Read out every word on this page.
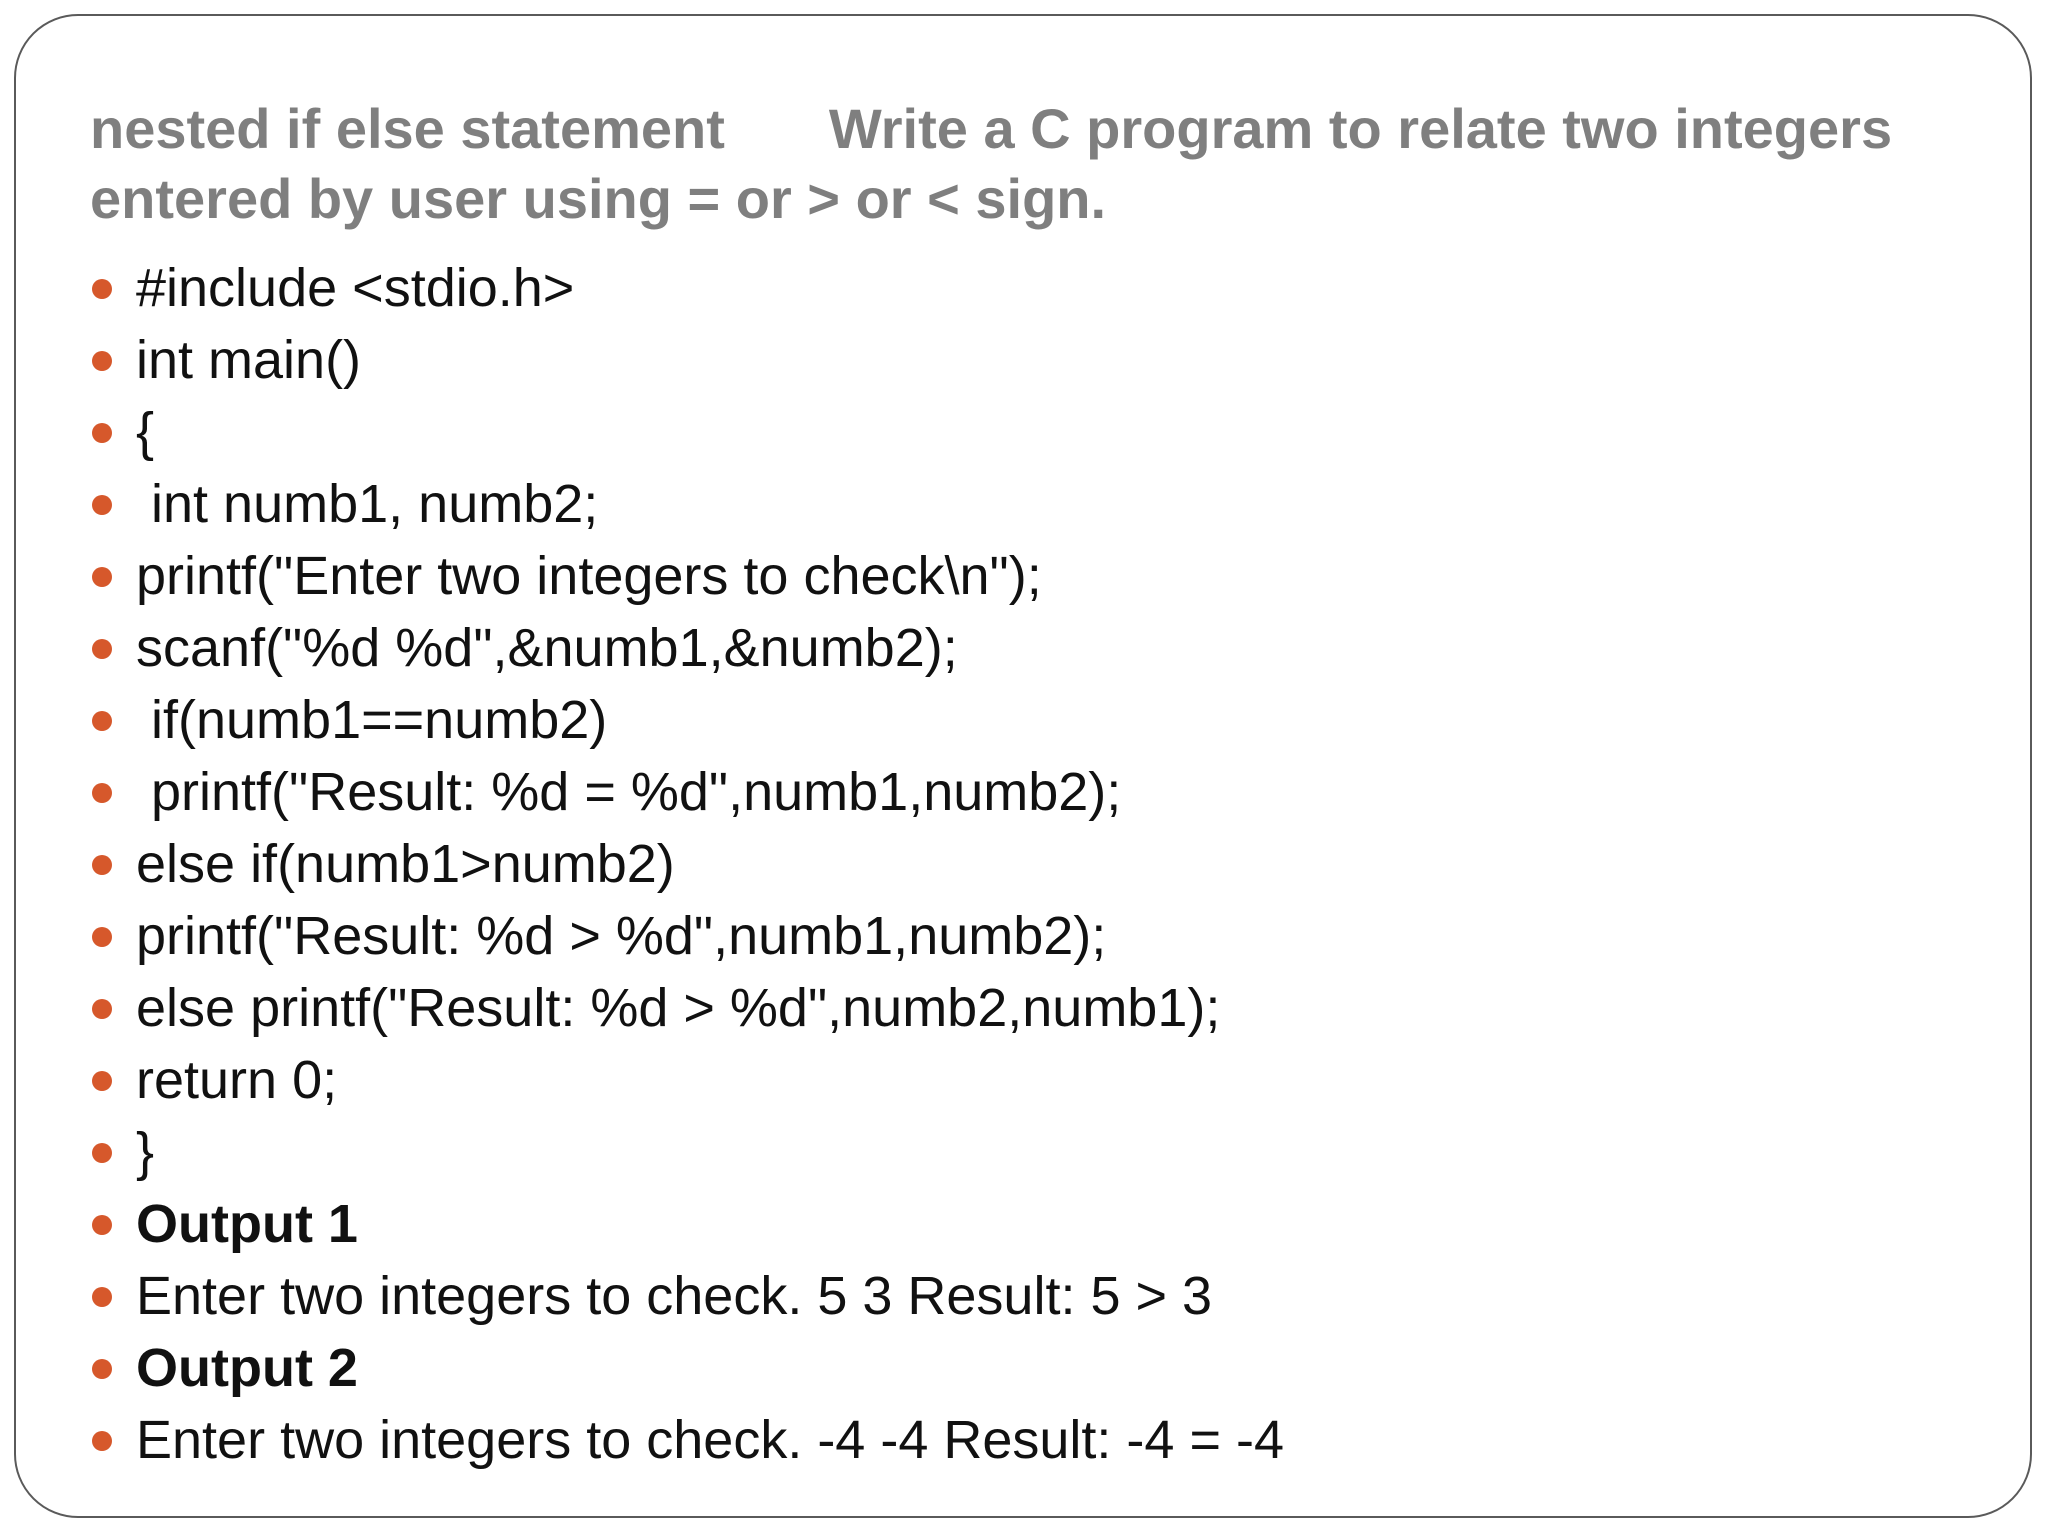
nested if else statement Write a C program to relate two integers entered by user using = or > or < sign.

#include <stdio.h>
int main()
{
int numb1, numb2;
printf("Enter two integers to check\n");
scanf("%d %d",&numb1,&numb2);
if(numb1==numb2)
printf("Result: %d = %d",numb1,numb2);
else if(numb1>numb2)
printf("Result: %d > %d",numb1,numb2);
else printf("Result: %d > %d",numb2,numb1);
return 0;
}
Output 1
Enter two integers to check. 5 3 Result: 5 > 3
Output 2
Enter two integers to check. -4 -4 Result: -4 = -4
